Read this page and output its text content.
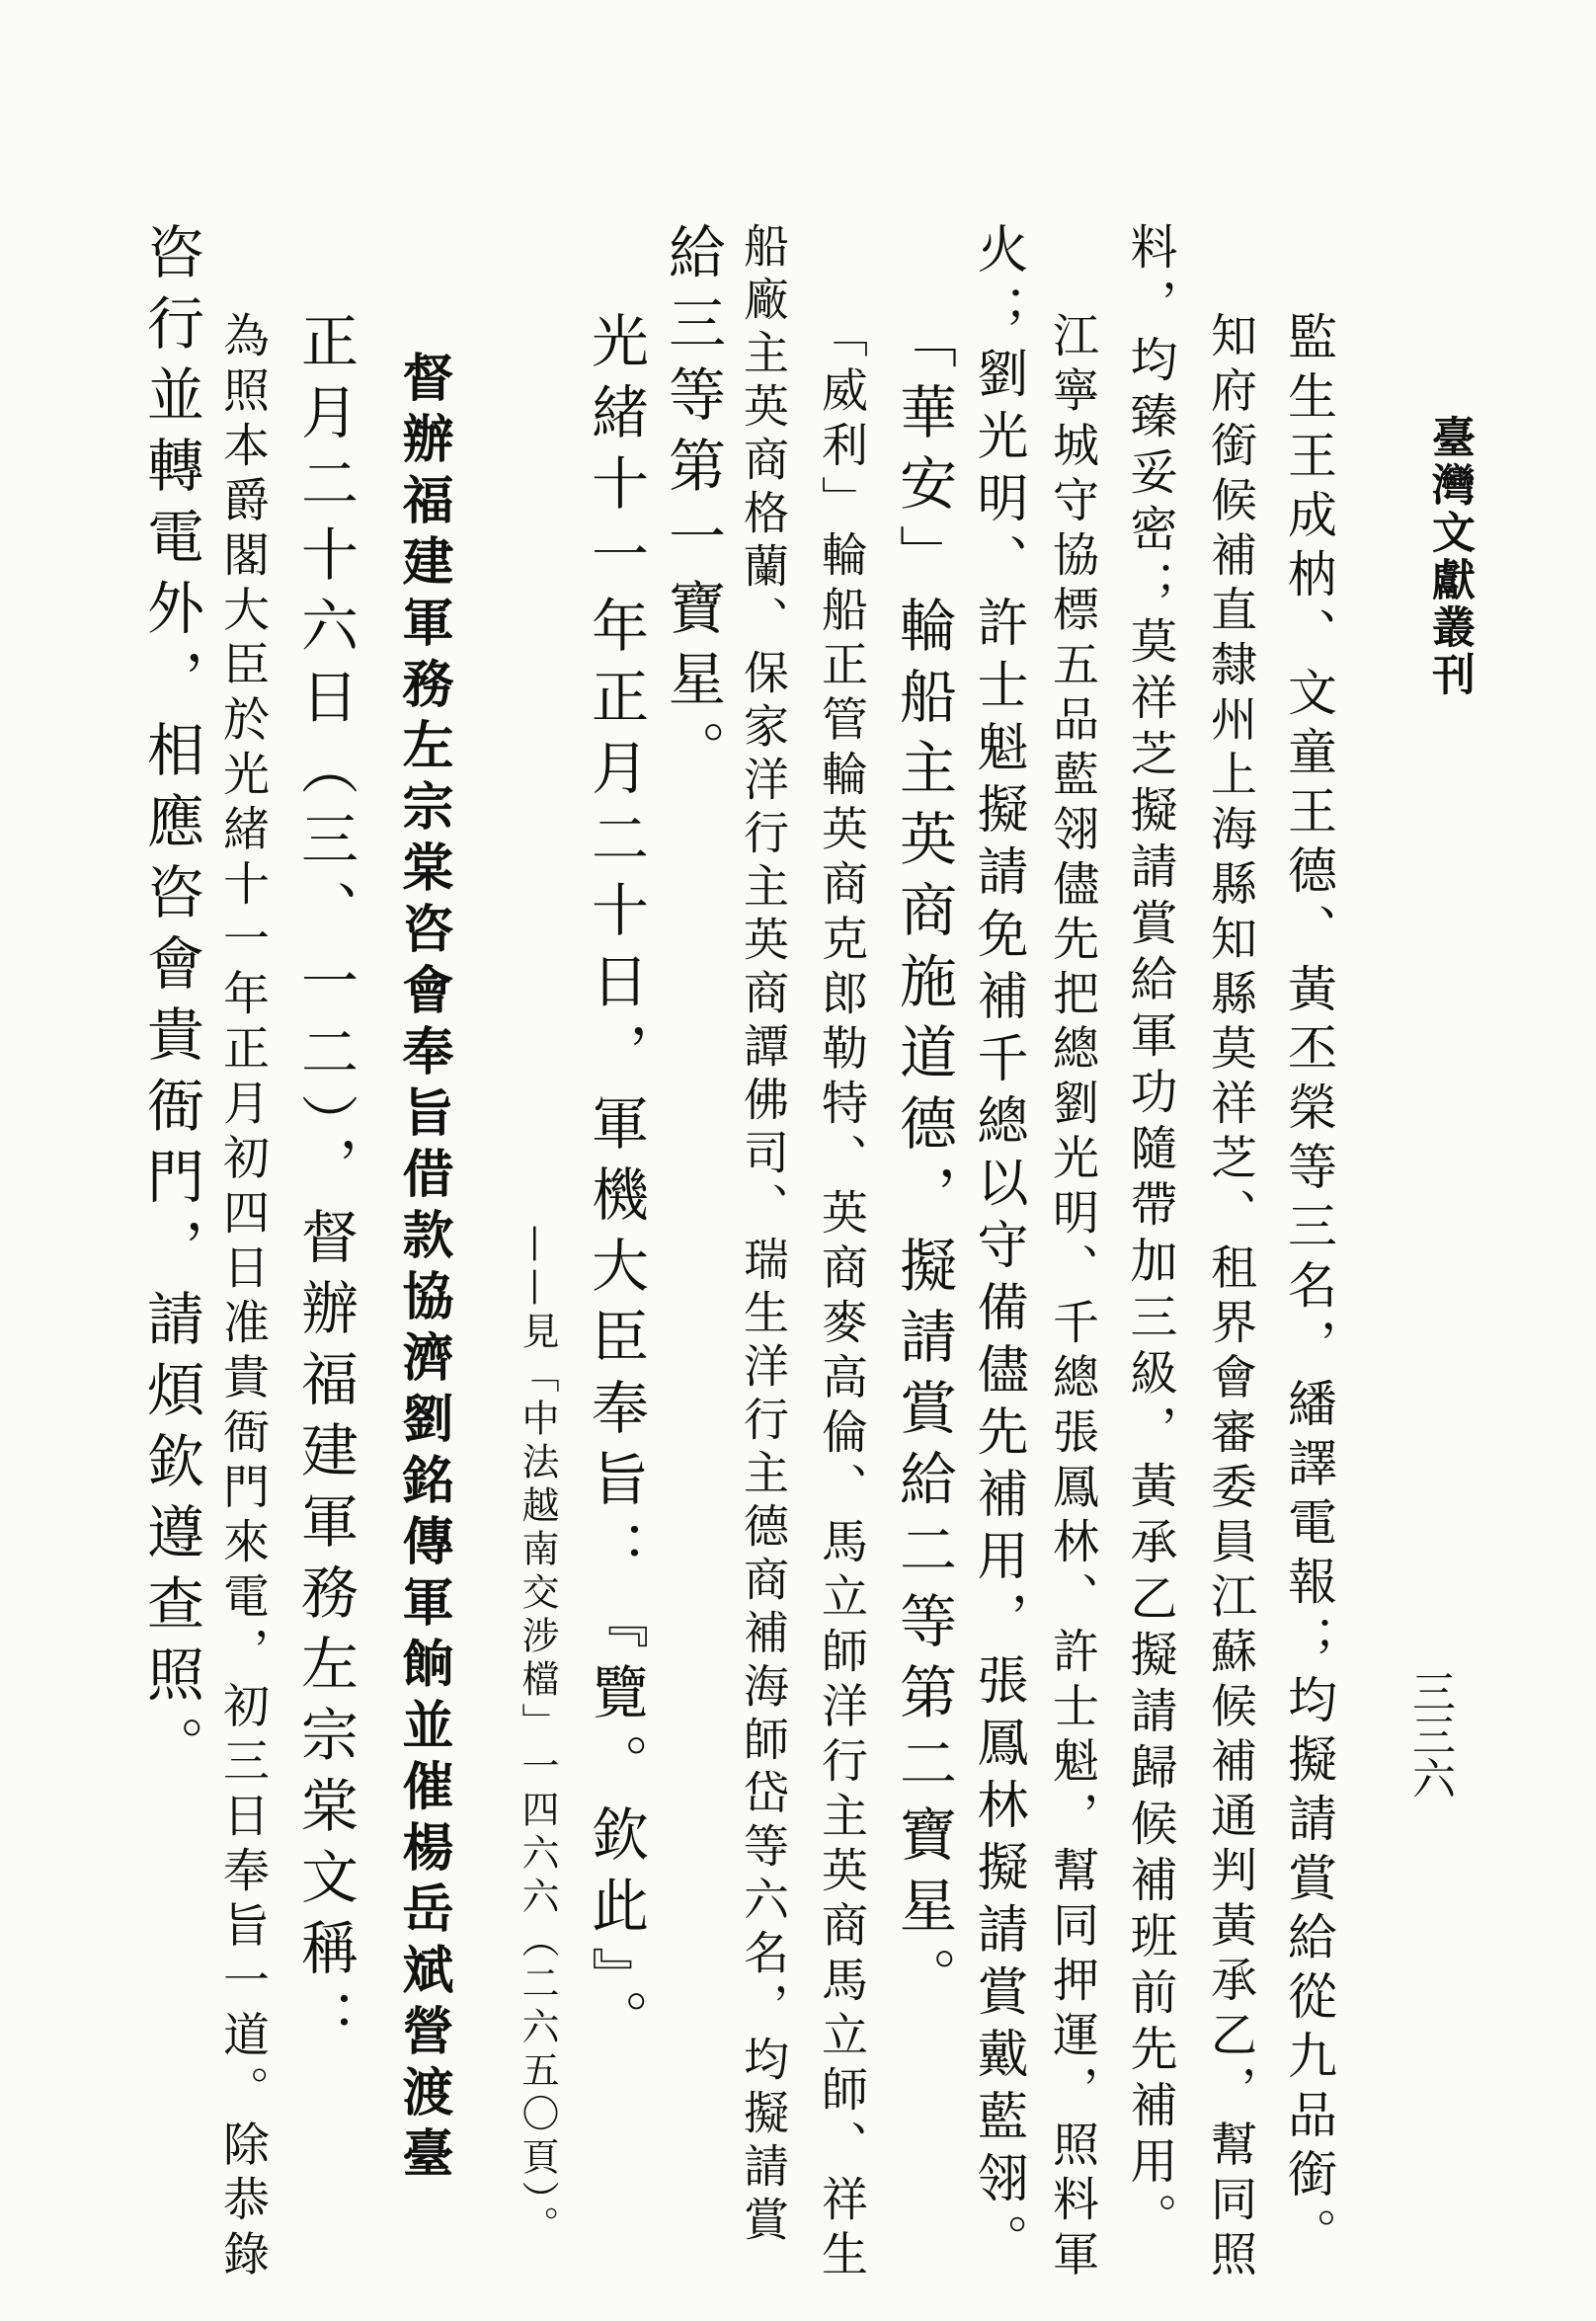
臺灣文獻叢刊
三三六
監生王成枘、文童王德、黃丕榮等三名，繙譯電報；均擬請賞給從九品銜。
知府銜候補直隸州上海縣知縣莫祥芝、租界會審委員江蘇候補通判黃承乙，幫同照
料，均臻妥密；莫祥芝擬請賞給軍功隨帶加三級，黃承乙擬請歸候補班前先補用。
江寧城守協標五品藍翎儘先把總劉光明、千總張鳳林、許士魁，幫同押運，照料軍
火；劉光明、許士魁擬請免補千總以守備儘先補用，張鳳林擬請賞戴藍翎。
「華安」輪船主英商施道德，擬請賞給二等第二寶星。
「威利」輪船正管輪英商克郎勒特、英商麥高倫、馬立師洋行主英商馬立師、祥生
船廠主英商格蘭、保家洋行主英商譚佛司、瑞生洋行主德商補海師岱等六名，均擬請賞
給三等第一寶星。
光緒十一年正月二十日，軍機大臣奉旨：『覽。欽此』。
——見「中法越南交涉檔」一四六六（二六五〇頁）。
督辦福建軍務左宗棠咨會奉旨借款協濟劉銘傳軍餉並催楊岳斌營渡臺
正月二十六日（三、一二），督辦福建軍務左宗棠文稱：
為照本爵閣大臣於光緒十一年正月初四日准貴衙門來電，初三日奉旨一道。除恭錄
咨行並轉電外，相應咨會貴衙門，請煩欽遵查照。
